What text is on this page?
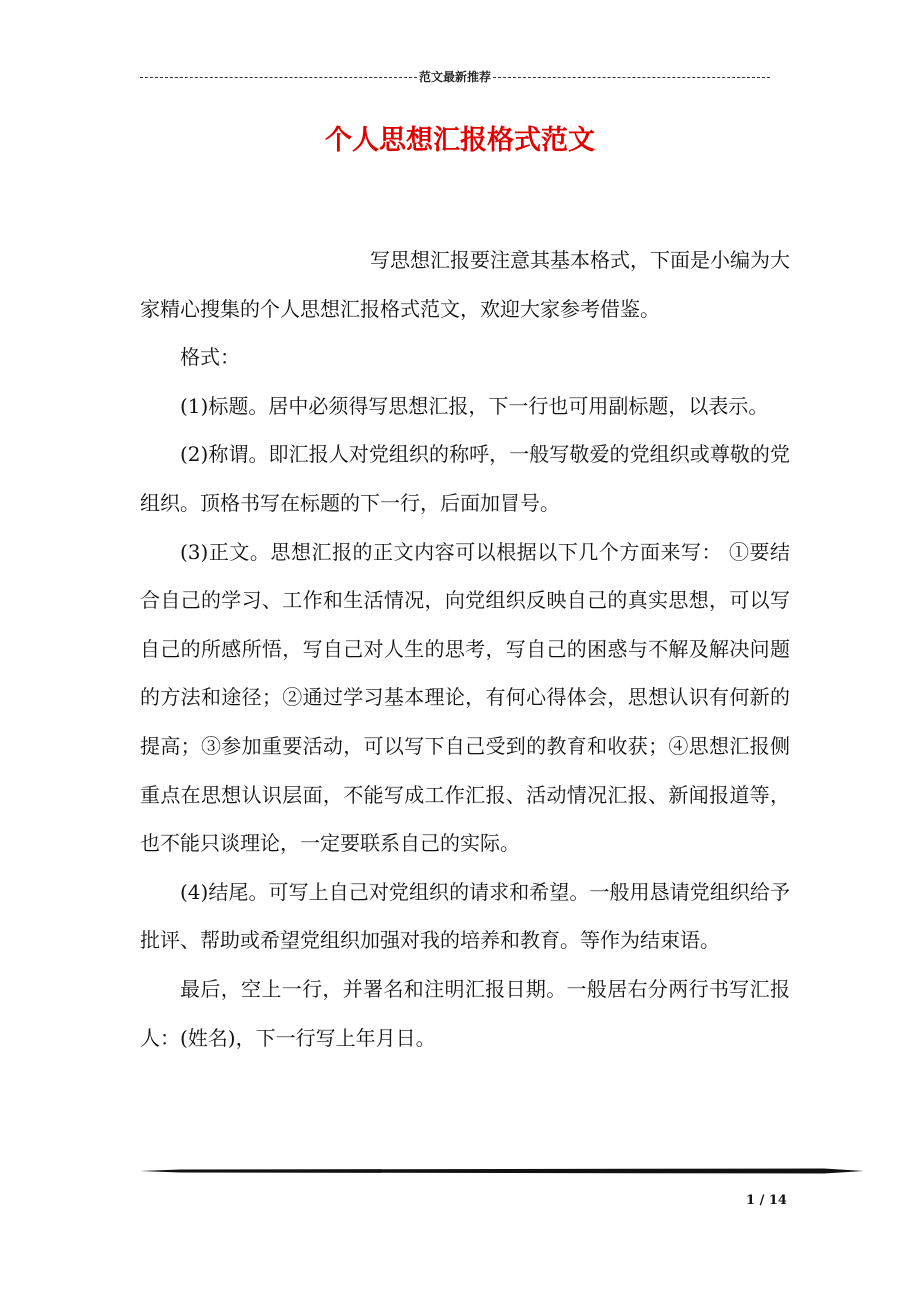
范文最新推荐
个人思想汇报格式范文

写思想汇报要注意其基本格式，下面是小编为大家精心搜集的个人思想汇报格式范文，欢迎大家参考借鉴。

格式：

(1)标题。居中必须得写思想汇报，下一行也可用副标题，以表示。

(2)称谓。即汇报人对党组织的称呼，一般写敬爱的党组织或尊敬的党组织。顶格书写在标题的下一行，后面加冒号。

(3)正文。思想汇报的正文内容可以根据以下几个方面来写： ①要结合自己的学习、工作和生活情况，向党组织反映自己的真实思想，可以写自己的所感所悟，写自己对人生的思考，写自己的困惑与不解及解决问题的方法和途径；②通过学习基本理论，有何心得体会，思想认识有何新的提高；③参加重要活动，可以写下自己受到的教育和收获；④思想汇报侧重点在思想认识层面，不能写成工作汇报、活动情况汇报、新闻报道等，也不能只谈理论，一定要联系自己的实际。

(4)结尾。可写上自己对党组织的请求和希望。一般用恳请党组织给予批评、帮助或希望党组织加强对我的培养和教育。等作为结束语。

最后，空上一行，并署名和注明汇报日期。一般居右分两行书写汇报人：(姓名)，下一行写上年月日。

1 / 14
